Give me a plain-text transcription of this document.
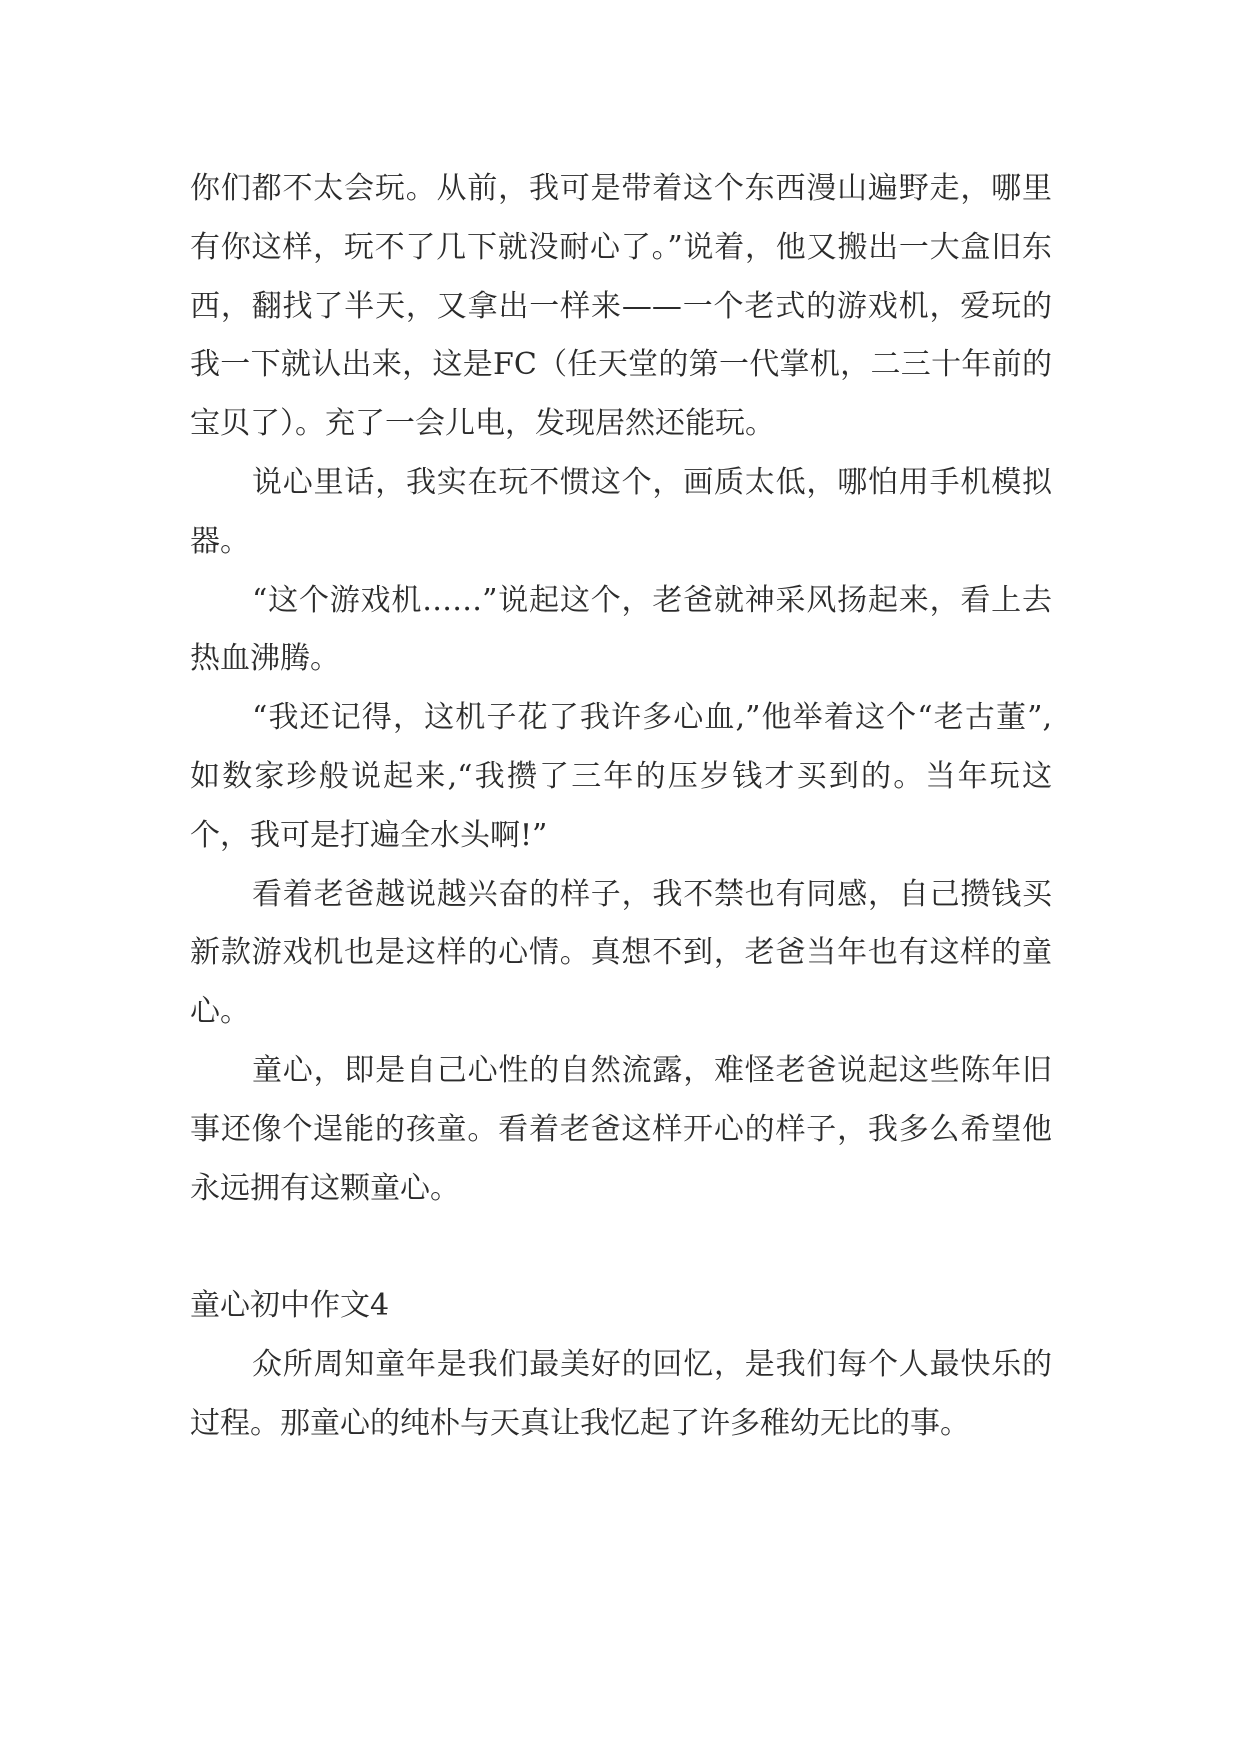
你们都不太会玩。从前，我可是带着这个东西漫山遍野走，哪里有你这样，玩不了几下就没耐心了。”说着，他又搬出一大盒旧东西，翻找了半天，又拿出一样来——一个老式的游戏机，爱玩的我一下就认出来，这是FC（任天堂的第一代掌机，二三十年前的宝贝了）。充了一会儿电，发现居然还能玩。

说心里话，我实在玩不惯这个，画质太低，哪怕用手机模拟器。

“这个游戏机……”说起这个，老爸就神采风扬起来，看上去热血沸腾。

“我还记得，这机子花了我许多心血,”他举着这个“老古董”,如数家珍般说起来,“我攒了三年的压岁钱才买到的。当年玩这个，我可是打遍全水头啊!”

看着老爸越说越兴奋的样子，我不禁也有同感，自己攒钱买新款游戏机也是这样的心情。真想不到，老爸当年也有这样的童心。

童心，即是自己心性的自然流露，难怪老爸说起这些陈年旧事还像个逞能的孩童。看着老爸这样开心的样子，我多么希望他永远拥有这颗童心。

童心初中作文4

众所周知童年是我们最美好的回忆，是我们每个人最快乐的过程。那童心的纯朴与天真让我忆起了许多稚幼无比的事。
